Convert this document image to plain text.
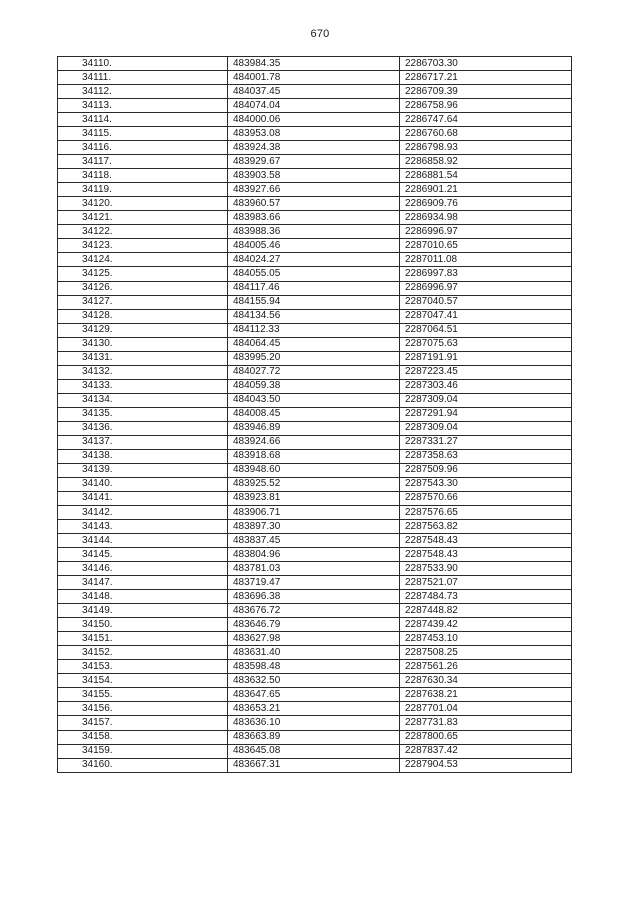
670
34110.	483984.35	2286703.30
34111.	484001.78	2286717.21
34112.	484037.45	2286709.39
34113.	484074.04	2286758.96
34114.	484000.06	2286747.64
34115.	483953.08	2286760.68
34116.	483924.38	2286798.93
34117.	483929.67	2286858.92
34118.	483903.58	2286881.54
34119.	483927.66	2286901.21
34120.	483960.57	2286909.76
34121.	483983.66	2286934.98
34122.	483988.36	2286996.97
34123.	484005.46	2287010.65
34124.	484024.27	2287011.08
34125.	484055.05	2286997.83
34126.	484117.46	2286996.97
34127.	484155.94	2287040.57
34128.	484134.56	2287047.41
34129.	484112.33	2287064.51
34130.	484064.45	2287075.63
34131.	483995.20	2287191.91
34132.	484027.72	2287223.45
34133.	484059.38	2287303.46
34134.	484043.50	2287309.04
34135.	484008.45	2287291.94
34136.	483946.89	2287309.04
34137.	483924.66	2287331.27
34138.	483918.68	2287358.63
34139.	483948.60	2287509.96
34140.	483925.52	2287543.30
34141.	483923.81	2287570.66
34142.	483906.71	2287576.65
34143.	483897.30	2287563.82
34144.	483837.45	2287548.43
34145.	483804.96	2287548.43
34146.	483781.03	2287533.90
34147.	483719.47	2287521.07
34148.	483696.38	2287484.73
34149.	483676.72	2287448.82
34150.	483646.79	2287439.42
34151.	483627.98	2287453.10
34152.	483631.40	2287508.25
34153.	483598.48	2287561.26
34154.	483632.50	2287630.34
34155.	483647.65	2287638.21
34156.	483653.21	2287701.04
34157.	483636.10	2287731.83
34158.	483663.89	2287800.65
34159.	483645.08	2287837.42
34160.	483667.31	2287904.53
